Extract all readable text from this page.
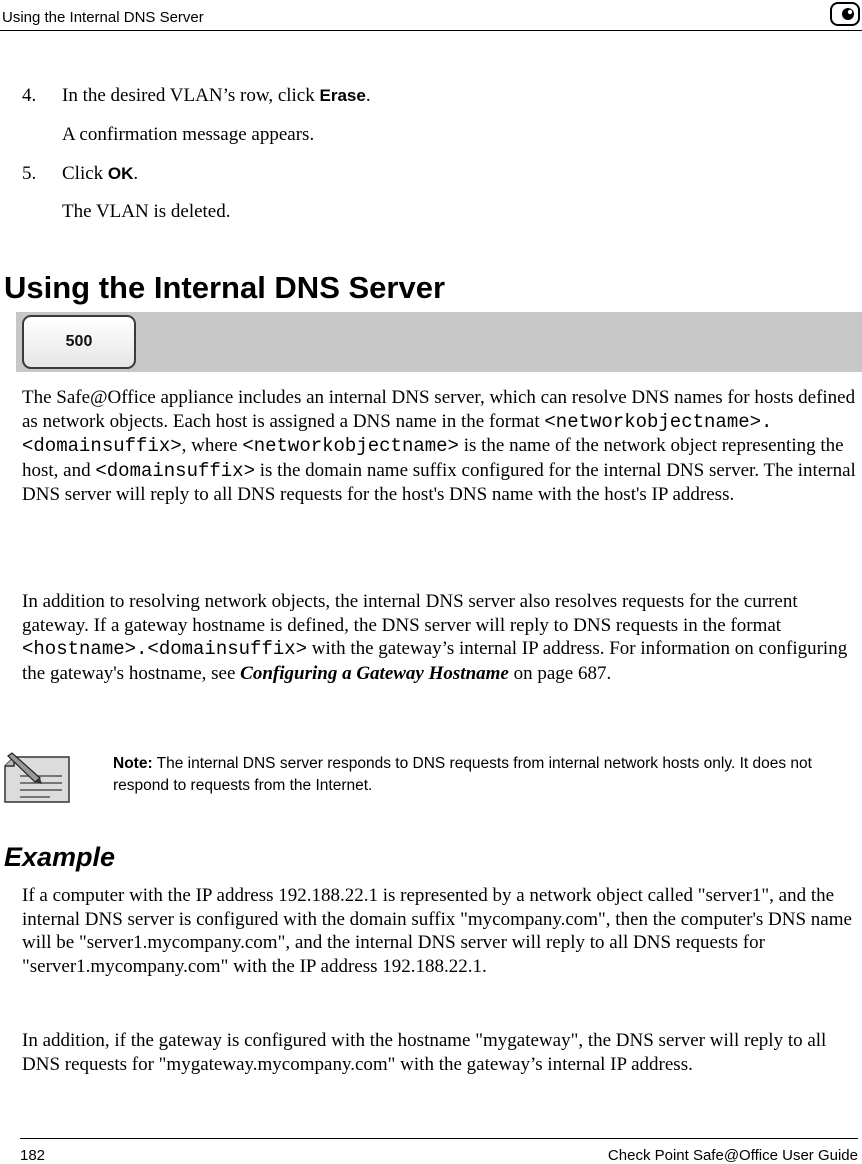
Using the Internal DNS Server
4. In the desired VLAN’s row, click Erase.
A confirmation message appears.
5. Click OK.
The VLAN is deleted.
Using the Internal DNS Server
500

The Safe@Office appliance includes an internal DNS server, which can resolve DNS names for hosts defined as network objects. Each host is assigned a DNS name in the format <networkobjectname>.<domainsuffix>, where <networkobjectname> is the name of the network object representing the host, and <domainsuffix> is the domain name suffix configured for the internal DNS server. The internal DNS server will reply to all DNS requests for the host's DNS name with the host's IP address.

In addition to resolving network objects, the internal DNS server also resolves requests for the current gateway. If a gateway hostname is defined, the DNS server will reply to DNS requests in the format <hostname>.<domainsuffix> with the gateway’s internal IP address. For information on configuring the gateway's hostname, see Configuring a Gateway Hostname on page 687.

Note: The internal DNS server responds to DNS requests from internal network hosts only. It does not respond to requests from the Internet.
Example

If a computer with the IP address 192.188.22.1 is represented by a network object called "server1", and the internal DNS server is configured with the domain suffix "mycompany.com", then the computer's DNS name will be "server1.mycompany.com", and the internal DNS server will reply to all DNS requests for "server1.mycompany.com" with the IP address 192.188.22.1.

In addition, if the gateway is configured with the hostname "mygateway", the DNS server will reply to all DNS requests for "mygateway.mycompany.com" with the gateway’s internal IP address.

182	Check Point Safe@Office User Guide
